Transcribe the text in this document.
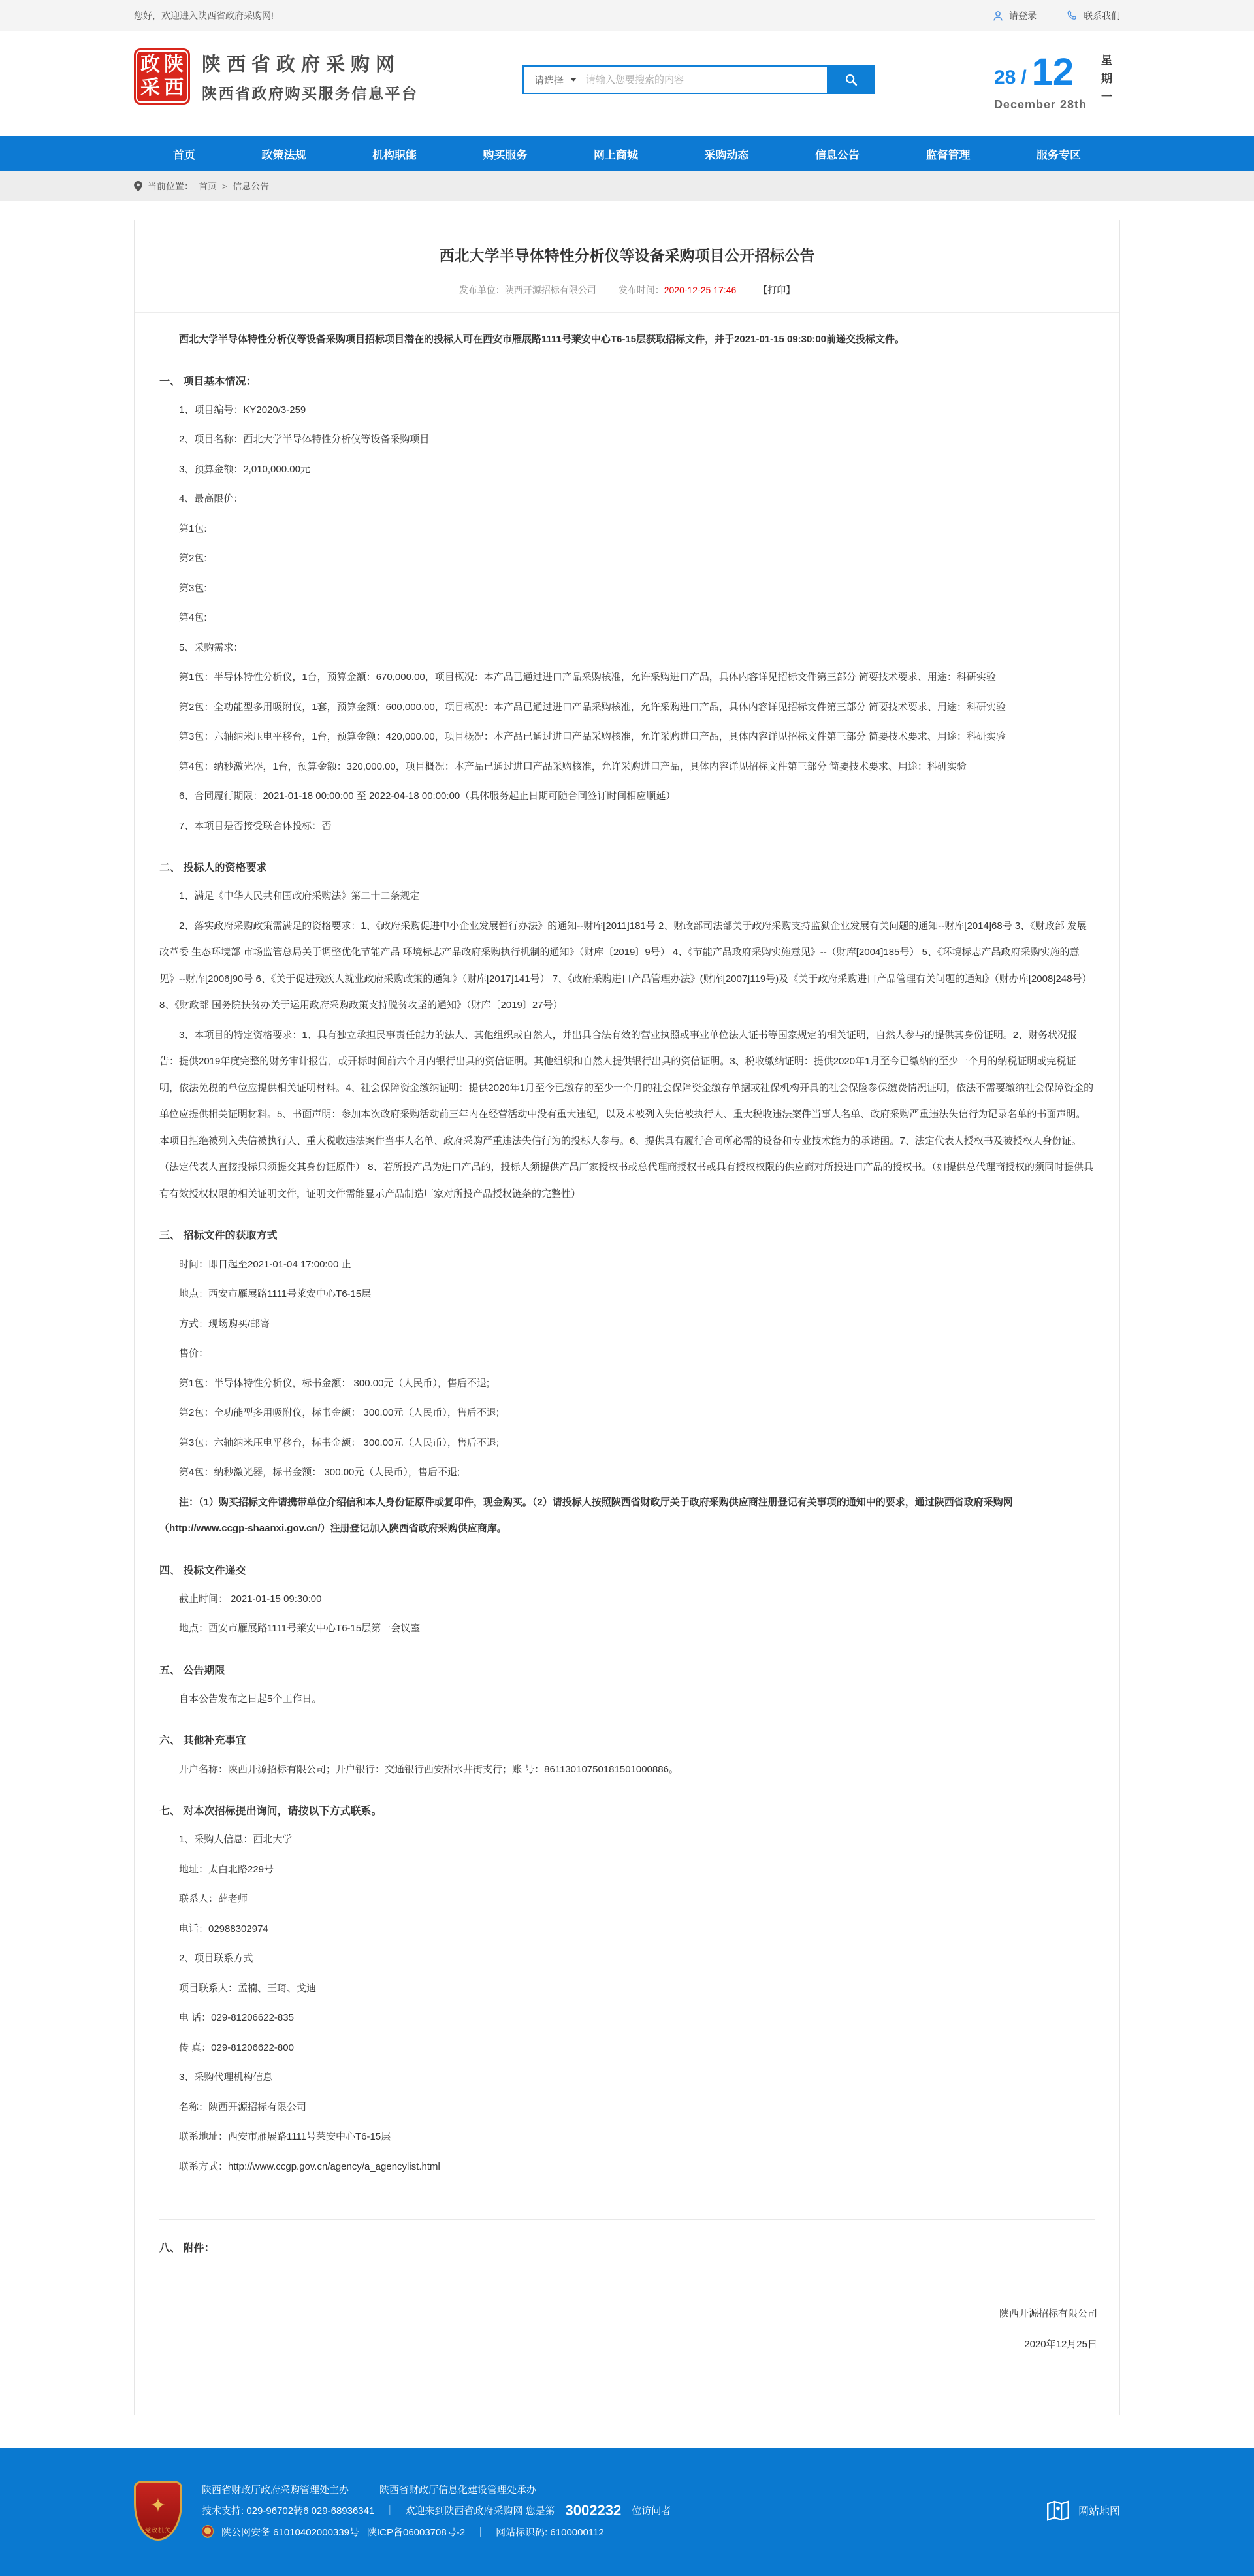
您好，欢迎进入陕西省政府采购网!	请登录	联系我们
政 陕
采 西
陕西省政府采购网
陕西省政府购买服务信息平台
请选择
请输入您要搜索的内容	28 / 12
December 28th
星
期
一
首页	政策法规	机构职能	购买服务	网上商城	采购动态	信息公告	监督管理	服务专区
当前位置： 首页 > 信息公告
西北大学半导体特性分析仪等设备采购项目公开招标公告
发布单位：陕西开源招标有限公司 发布时间：2020-12-25 17:46 【打印】

西北大学半导体特性分析仪等设备采购项目招标项目潜在的投标人可在西安市雁展路1111号莱安中心T6-15层获取招标文件，并于2021-01-15 09:30:00前递交投标文件。

一、 项目基本情况：

1、项目编号：KY2020/3-259

2、项目名称：西北大学半导体特性分析仪等设备采购项目

3、预算金额：2,010,000.00元

4、最高限价：

第1包:

第2包:

第3包:

第4包:

5、采购需求：

第1包：半导体特性分析仪，1台，预算金额：670,000.00，项目概况：本产品已通过进口产品采购核准，允许采购进口产品，具体内容详见招标文件第三部分 简要技术要求、用途：科研实验

第2包：全功能型多用吸附仪，1套，预算金额：600,000.00，项目概况：本产品已通过进口产品采购核准，允许采购进口产品，具体内容详见招标文件第三部分 简要技术要求、用途：科研实验

第3包：六轴纳米压电平移台，1台，预算金额：420,000.00，项目概况：本产品已通过进口产品采购核准，允许采购进口产品，具体内容详见招标文件第三部分 简要技术要求、用途：科研实验

第4包：纳秒激光器，1台，预算金额：320,000.00，项目概况：本产品已通过进口产品采购核准，允许采购进口产品，具体内容详见招标文件第三部分 简要技术要求、用途：科研实验

6、合同履行期限：2021-01-18 00:00:00 至 2022-04-18 00:00:00（具体服务起止日期可随合同签订时间相应顺延）

7、本项目是否接受联合体投标：否

二、 投标人的资格要求

1、满足《中华人民共和国政府采购法》第二十二条规定

2、落实政府采购政策需满足的资格要求：1、《政府采购促进中小企业发展暂行办法》的通知--财库[2011]181号 2、财政部司法部关于政府采购支持监狱企业发展有关问题的通知--财库[2014]68号 3、《财政部 发展改革委 生态环境部 市场监管总局关于调整优化节能产品 环境标志产品政府采购执行机制的通知》（财库〔2019〕9号） 4、《节能产品政府采购实施意见》--（财库[2004]185号） 5、《环境标志产品政府采购实施的意见》--财库[2006]90号 6、《关于促进残疾人就业政府采购政策的通知》（财库[2017]141号） 7、《政府采购进口产品管理办法》(财库[2007]119号)及《关于政府采购进口产品管理有关问题的通知》（财办库[2008]248号） 8、《财政部 国务院扶贫办关于运用政府采购政策支持脱贫攻坚的通知》（财库〔2019〕27号）

3、本项目的特定资格要求：1、具有独立承担民事责任能力的法人、其他组织或自然人，并出具合法有效的营业执照或事业单位法人证书等国家规定的相关证明，自然人参与的提供其身份证明。2、财务状况报告：提供2019年度完整的财务审计报告，或开标时间前六个月内银行出具的资信证明。其他组织和自然人提供银行出具的资信证明。3、税收缴纳证明：提供2020年1月至今已缴纳的至少一个月的纳税证明或完税证明，依法免税的单位应提供相关证明材料。4、社会保障资金缴纳证明：提供2020年1月至今已缴存的至少一个月的社会保障资金缴存单据或社保机构开具的社会保险参保缴费情况证明，依法不需要缴纳社会保障资金的单位应提供相关证明材料。5、书面声明：参加本次政府采购活动前三年内在经营活动中没有重大违纪，以及未被列入失信被执行人、重大税收违法案件当事人名单、政府采购严重违法失信行为记录名单的书面声明。本项目拒绝被列入失信被执行人、重大税收违法案件当事人名单、政府采购严重违法失信行为的投标人参与。6、提供具有履行合同所必需的设备和专业技术能力的承诺函。7、法定代表人授权书及被授权人身份证。（法定代表人直接投标只须提交其身份证原件） 8、若所投产品为进口产品的，投标人须提供产品厂家授权书或总代理商授权书或具有授权权限的供应商对所投进口产品的授权书。（如提供总代理商授权的须同时提供具有有效授权权限的相关证明文件，证明文件需能显示产品制造厂家对所投产品授权链条的完整性）

三、 招标文件的获取方式

时间：即日起至2021-01-04 17:00:00 止

地点：西安市雁展路1111号莱安中心T6-15层

方式：现场购买/邮寄

售价：

第1包：半导体特性分析仪，标书金额： 300.00元（人民币），售后不退;

第2包：全功能型多用吸附仪，标书金额： 300.00元（人民币），售后不退;

第3包：六轴纳米压电平移台，标书金额： 300.00元（人民币），售后不退;

第4包：纳秒激光器，标书金额： 300.00元（人民币），售后不退;

注：（1）购买招标文件请携带单位介绍信和本人身份证原件或复印件，现金购买。（2）请投标人按照陕西省财政厅关于政府采购供应商注册登记有关事项的通知中的要求，通过陕西省政府采购网（http://www.ccgp-shaanxi.gov.cn/）注册登记加入陕西省政府采购供应商库。

四、 投标文件递交

截止时间： 2021-01-15 09:30:00

地点：西安市雁展路1111号莱安中心T6-15层第一会议室

五、 公告期限

自本公告发布之日起5个工作日。

六、 其他补充事宜

开户名称：陕西开源招标有限公司；开户银行：交通银行西安甜水井街支行；账 号：86113010750181501000886。

七、 对本次招标提出询问，请按以下方式联系。

1、采购人信息：西北大学

地址：太白北路229号

联系人：薛老师

电话：02988302974

2、项目联系方式

项目联系人：孟楠、王琦、戈迪

电 话：029-81206622-835

传 真：029-81206622-800

3、采购代理机构信息

名称：陕西开源招标有限公司

联系地址：西安市雁展路1111号莱安中心T6-15层

联系方式：http://www.ccgp.gov.cn/agency/a_agencylist.html

八、 附件：

陕西开源招标有限公司

2020年12月25日

✦
党政机关
陕西省财政厅政府采购管理处主办 ｜ 陕西省财政厅信息化建设管理处承办
技术支持: 029-96702转6 029-68936341 ｜ 欢迎来到陕西省政府采购网 您是第 3002232 位访问者
陕公网安备 61010402000339号 陕ICP备06003708号-2 ｜ 网站标识码: 6100000112
网站地图
